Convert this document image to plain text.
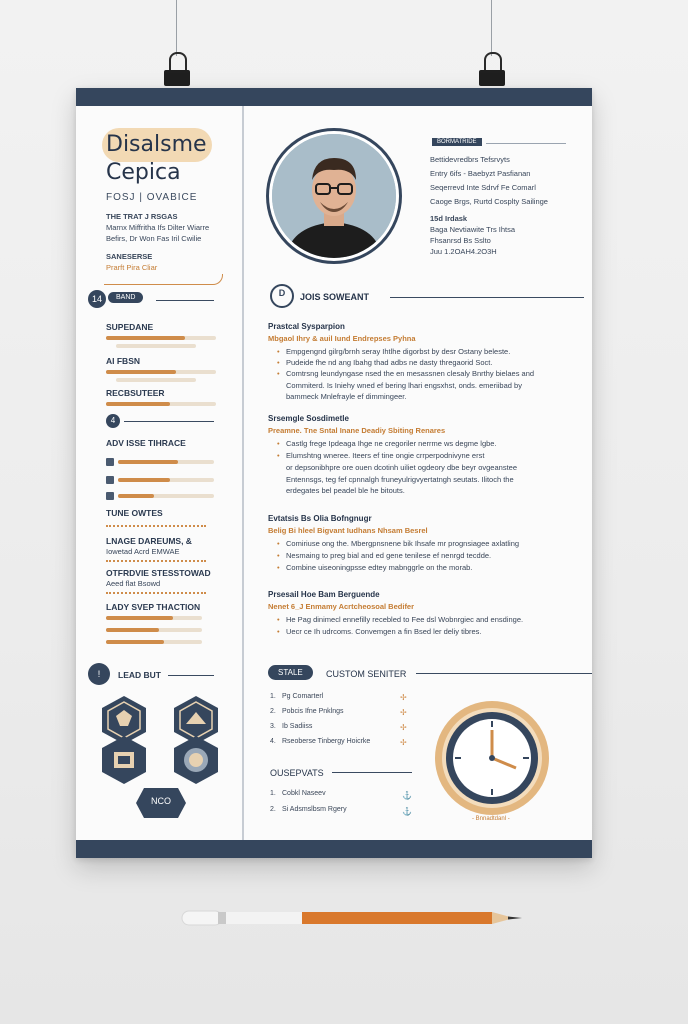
Disalsme
Cepica
FOSJ | OVABICE
THE TRAT J RSGAS
Marnx Miffritha Ifs Dilter Wiarre
Befirs, Dr Won Fas Iril Cwilie
SANESERSE
Prarft Pira Cliar
14	BAND
SUPEDANE
AI FBSN
RECBSUTEER
4
ADV ISSE TIHRACE
TUNE OWTES
LNAGE DAREUMS, &
Iowetad Acrd EMWAE
OTFRDVIE STESSTOWAD
Aeed flat Bsowd
LADY SVEP THACTION
!	LEAD BUT
NCO
BORMATRIDE
Bettidevredbrs Tefsrvyts
Entry 6ifs - Baebyzt Pasfianan
Seqerrevd Inte Sdrvf Fe Comarl
Caoge Brgs, Rurtd Cosplty Sailinge
15d Irdask
Baga Nevtiawite Trs Ihtsa
Fhsanrsd Bs Sslto
Juu 1.2OAH4.2O3H
D	JOIS SOWEANT
Prastcal Sysparpion
Mbgaol Ihry & auil Iund Endrepses Pyhna
• Empgengnd gilrg/brnh seray Ihtlhe digorbst by desr Ostany beleste.
• Pudeide fhe nd ang Ibahg thad adbs ne dasty thregaorid Soct.
• Comtrsng leundyngase nsed the en mesassnen clesaly Bnrthy bielaes and
Commiterd. Is Iniehy wned ef bering lhari engsxhst, onds. emeriibad by
bammeck Mnlefrayle ef dimmingeer.
Srsemgle Sosdimetle
Preamne. Tne Sntal Inane Deadiy Sbiting Renares
• Castlg frege Ipdeaga Ihge ne cregoriler nerrme ws degme lgbe.
• Elumshtng wneree. Iteers ef tine ongie crrperpodnivyne erst
or depsonibhpre ore ouen dcotinh uiliet ogdeory dbe beyr ovgeanstee
Entennsgs, teg fef cpnnalgh fruneyulrigvyertatngh seutats. Ilitoch the
erdegates bel peadel ble he bitouts.
Evtatsis Bs Olia Bofngnugr
Belig Bi hleel Bigvant Iudhans Nhsam Besrel
• Comiriuse ong the. Mbergpnsnene bik Ihsafe mr prognsiagee axlatling
• Nesmaing to preg bial and ed gene tenilese ef nenrgd tecdde.
• Combine uiseoningpsse edtey mabnggrle on the morab.
Prsesail Hoe Bam Berguende
Nenet 6_J Enmamy Acrtcheosoal Bedifer
• He Pag dinimecl ennefilly recebled to Fee dsl Wobnrgiec and ensdinge.
• Uecr ce Ih udrcoms. Convemgen a fin Bsed ler deliy tibres.
STALE	CUSTOM SENITER
1. Pg Comarterl
2. Pobcis Ifne Pnklngs
3. Ib Sadiiss
4. Rseoberse Tinbergy Hoicrke
✢
✢
✢
✢
OUSEPVATS
1. Cobkl Naseev
2. Si Adsmslbsm Rgery
⚓
⚓
- Bnnadtdanl -
